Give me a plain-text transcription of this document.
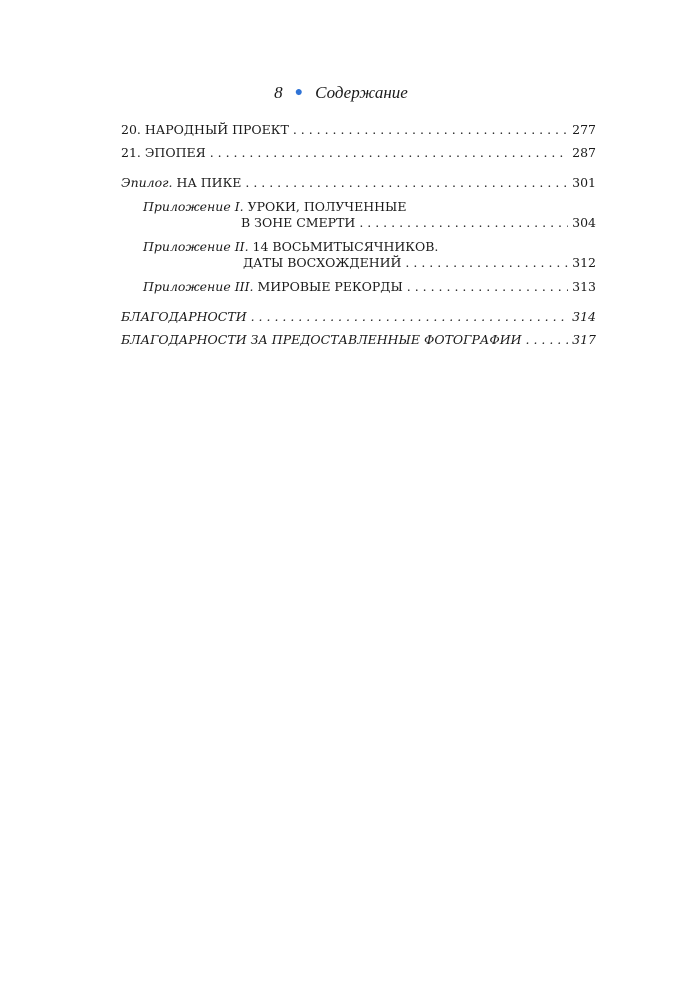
8 ● Содержание
20. НАРОДНЫЙ ПРОЕКТ . . .	277
21. ЭПОПЕЯ . . .	287
Эпилог. НА ПИКЕ . . .	301
Приложение I. УРОКИ, ПОЛУЧЕННЫЕ
В ЗОНЕ СМЕРТИ . . .	304
Приложение II. 14 ВОСЬМИТЫСЯЧНИКОВ.
ДАТЫ ВОСХОЖДЕНИЙ . . .	312
Приложение III. МИРОВЫЕ РЕКОРДЫ . . .	313
БЛАГОДАРНОСТИ . . .	314
БЛАГОДАРНОСТИ ЗА ПРЕДОСТАВЛЕННЫЕ ФОТОГРАФИИ . . .	317
